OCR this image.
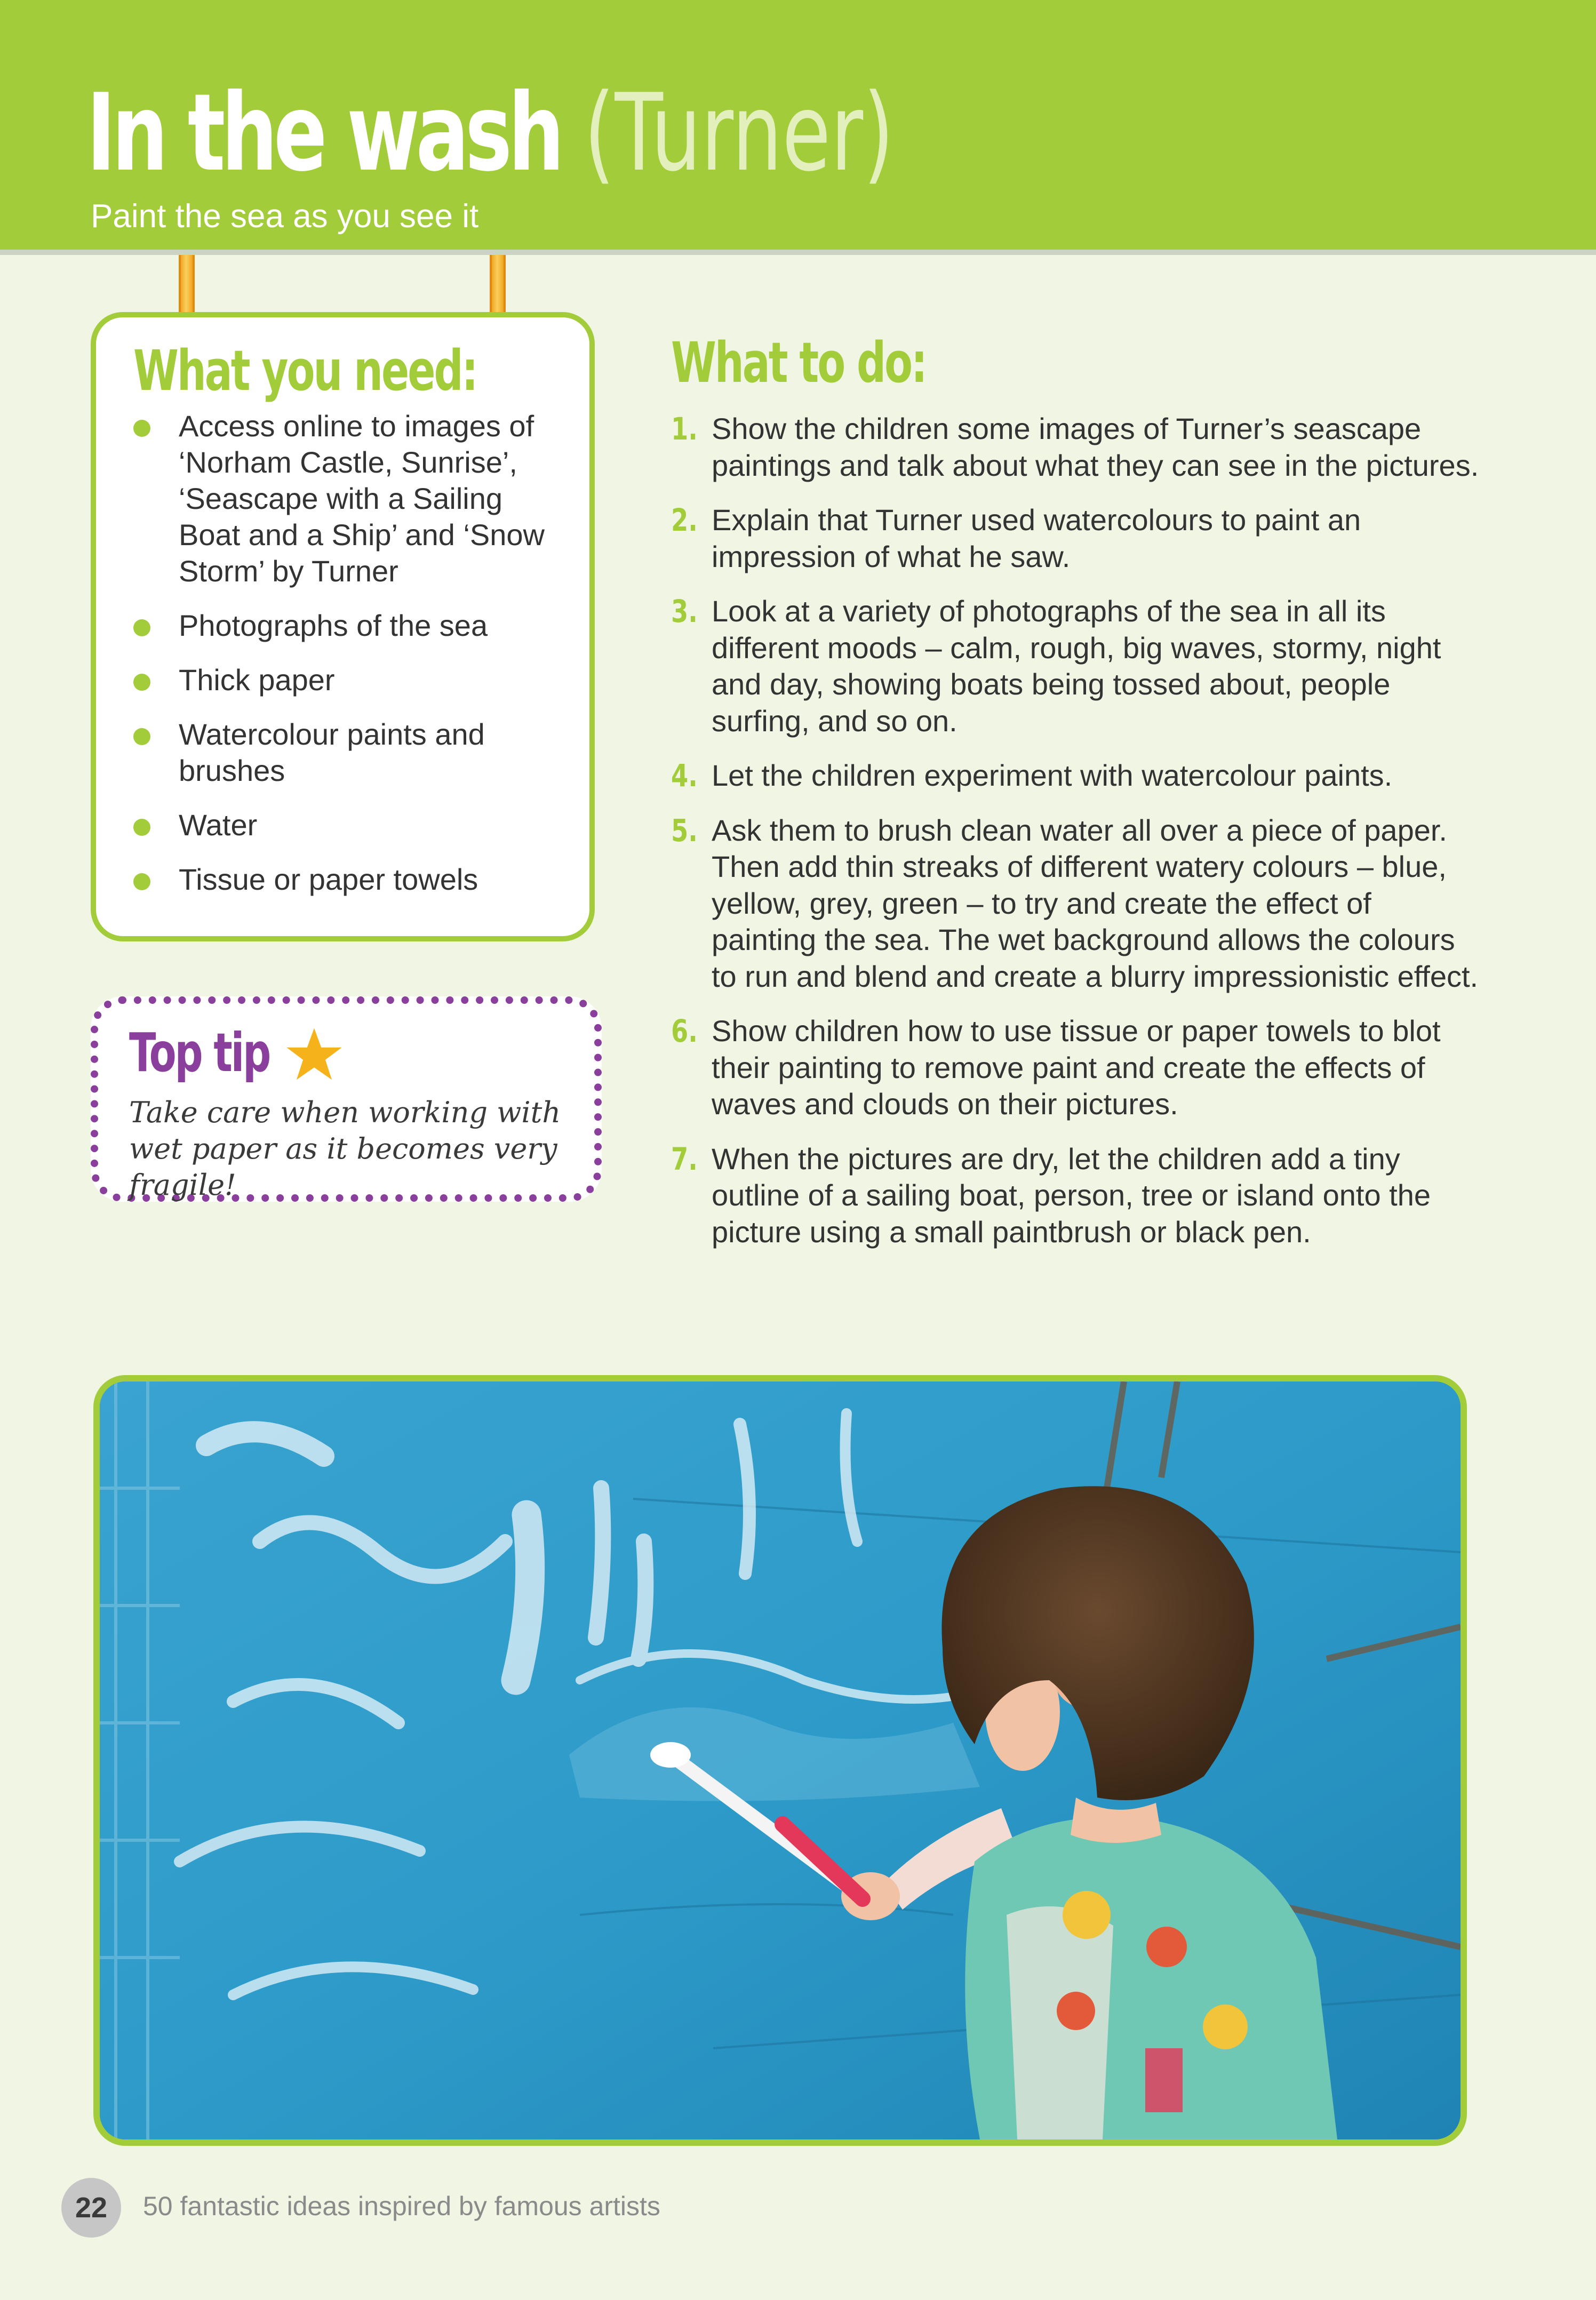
In the wash (Turner)

Paint the sea as you see it

What you need:
Access online to images of ‘Norham Castle, Sunrise’, ‘Seascape with a Sailing Boat and a Ship’ and ‘Snow Storm’ by Turner
Photographs of the sea
Thick paper
Watercolour paints and brushes
Water
Tissue or paper towels
Top tip

Take care when working with wet paper as it becomes very fragile!

What to do:
1. Show the children some images of Turner’s seascape paintings and talk about what they can see in the pictures.
2. Explain that Turner used watercolours to paint an impression of what he saw.
3. Look at a variety of photographs of the sea in all its different moods – calm, rough, big waves, stormy, night and day, showing boats being tossed about, people surfing, and so on.
4. Let the children experiment with watercolour paints.
5. Ask them to brush clean water all over a piece of paper. Then add thin streaks of different watery colours – blue, yellow, grey, green – to try and create the effect of painting the sea. The wet background allows the colours to run and blend and create a blurry impressionistic effect.
6. Show children how to use tissue or paper towels to blot their painting to remove paint and create the effects of waves and clouds on their pictures.
7. When the pictures are dry, let the children add a tiny outline of a sailing boat, person, tree or island onto the picture using a small paintbrush or black pen.
22	50 fantastic ideas inspired by famous artists
